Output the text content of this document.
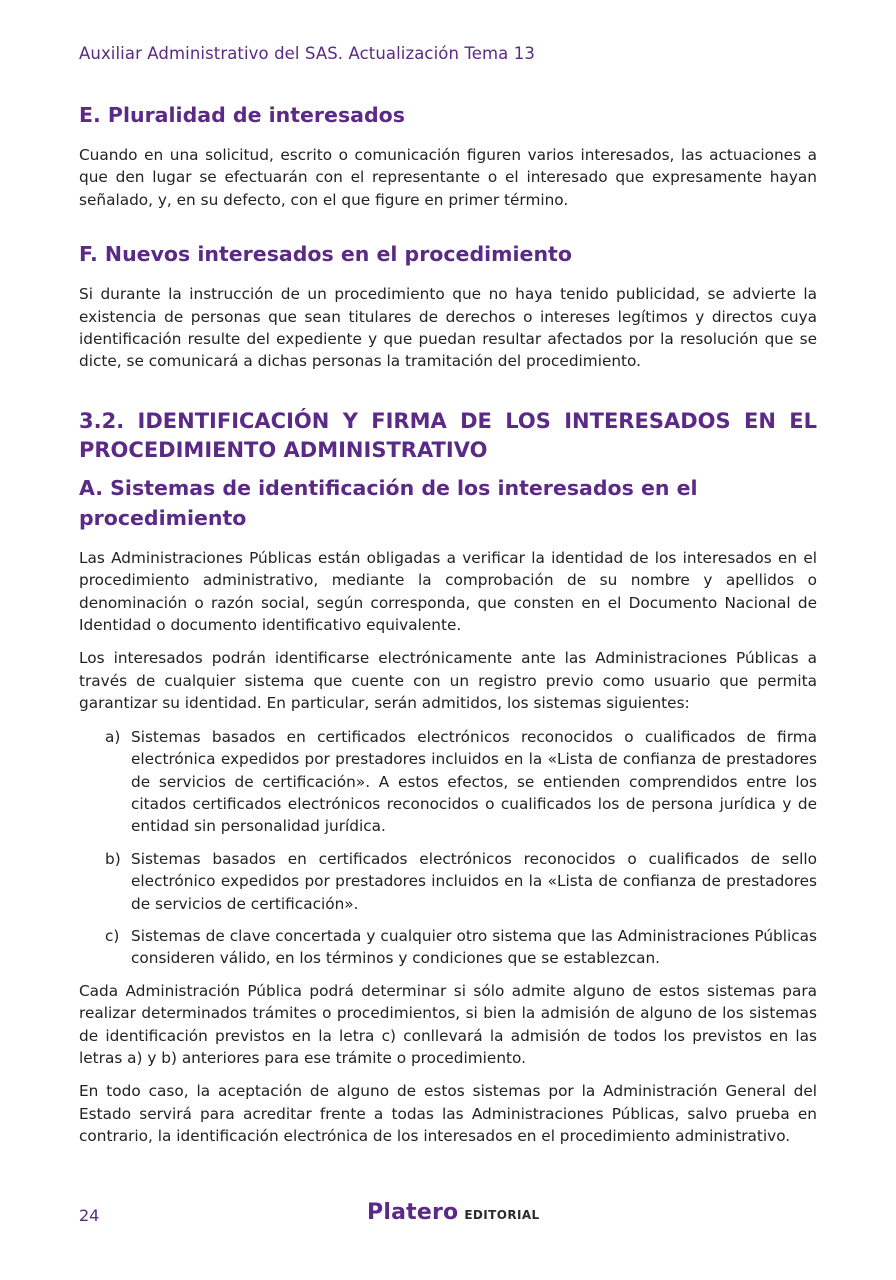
Auxiliar Administrativo del SAS. Actualización Tema 13
E. Pluralidad de interesados

Cuando en una solicitud, escrito o comunicación figuren varios interesados, las actuaciones a que den lugar se efectuarán con el representante o el interesado que expresamente hayan señalado, y, en su defecto, con el que figure en primer término.

F. Nuevos interesados en el procedimiento

Si durante la instrucción de un procedimiento que no haya tenido publicidad, se advierte la existencia de personas que sean titulares de derechos o intereses legítimos y directos cuya identificación resulte del expediente y que puedan resultar afectados por la resolución que se dicte, se comunicará a dichas personas la tramitación del procedimiento.

3.2. IDENTIFICACIÓN Y FIRMA DE LOS INTERESADOS EN EL PROCEDIMIENTO ADMINISTRATIVO
A. Sistemas de identificación de los interesados en el procedimiento

Las Administraciones Públicas están obligadas a verificar la identidad de los interesados en el procedimiento administrativo, mediante la comprobación de su nombre y apellidos o denominación o razón social, según corresponda, que consten en el Documento Nacional de Identidad o documento identificativo equivalente.

Los interesados podrán identificarse electrónicamente ante las Administraciones Públicas a través de cualquier sistema que cuente con un registro previo como usuario que permita garantizar su identidad. En particular, serán admitidos, los sistemas siguientes:

a) Sistemas basados en certificados electrónicos reconocidos o cualificados de firma electrónica expedidos por prestadores incluidos en la «Lista de confianza de prestadores de servicios de certificación». A estos efectos, se entienden comprendidos entre los citados certificados electrónicos reconocidos o cualificados los de persona jurídica y de entidad sin personalidad jurídica.
b) Sistemas basados en certificados electrónicos reconocidos o cualificados de sello electrónico expedidos por prestadores incluidos en la «Lista de confianza de prestadores de servicios de certificación».
c) Sistemas de clave concertada y cualquier otro sistema que las Administraciones Públicas consideren válido, en los términos y condiciones que se establezcan.

Cada Administración Pública podrá determinar si sólo admite alguno de estos sistemas para realizar determinados trámites o procedimientos, si bien la admisión de alguno de los sistemas de identificación previstos en la letra c) conllevará la admisión de todos los previstos en las letras a) y b) anteriores para ese trámite o procedimiento.

En todo caso, la aceptación de alguno de estos sistemas por la Administración General del Estado servirá para acreditar frente a todas las Administraciones Públicas, salvo prueba en contrario, la identificación electrónica de los interesados en el procedimiento administrativo.

24	Platero EDITORIAL
